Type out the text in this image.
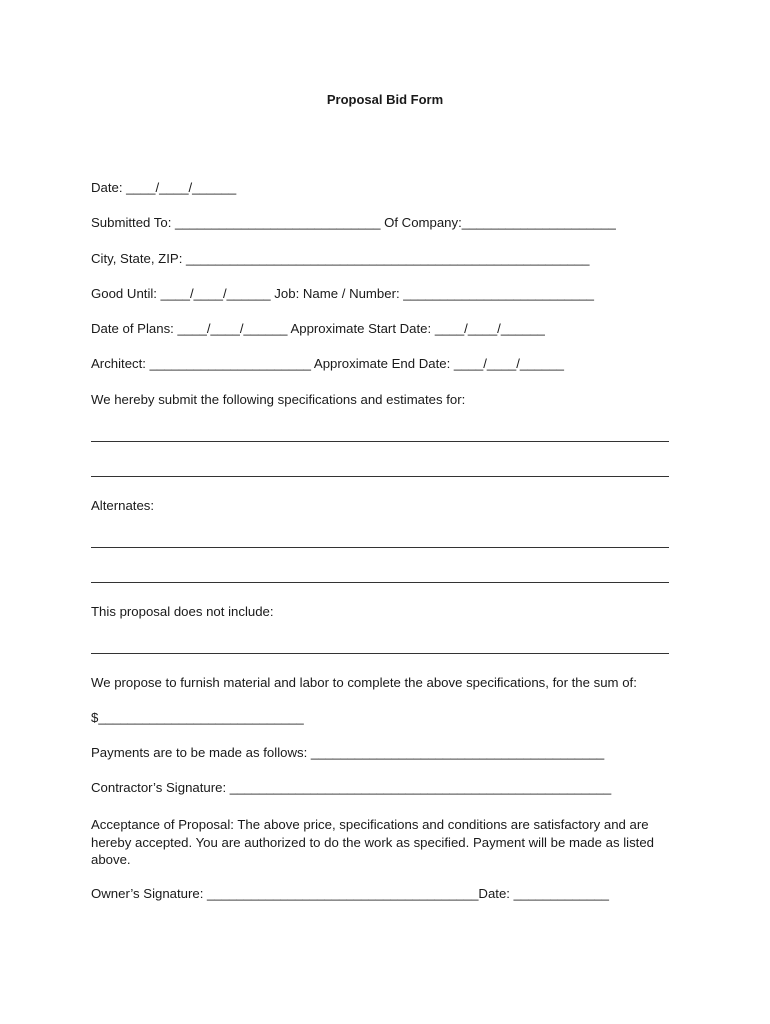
Proposal Bid Form
Date: ____/____/______
Submitted To: ____________________________ Of Company:_____________________
City, State, ZIP: _______________________________________________________
Good Until: ____/____/______ Job: Name / Number: __________________________
Date of Plans: ____/____/______ Approximate Start Date: ____/____/______
Architect: ______________________ Approximate End Date: ____/____/______
We hereby submit the following specifications and estimates for:
Alternates:
This proposal does not include:
We propose to furnish material and labor to complete the above specifications, for the sum of:
$____________________________
Payments are to be made as follows: ________________________________________
Contractor’s Signature: ____________________________________________________
Acceptance of Proposal: The above price, specifications and conditions are satisfactory and are hereby accepted. You are authorized to do the work as specified. Payment will be made as listed above.
Owner’s Signature: _____________________________________Date: _____________
